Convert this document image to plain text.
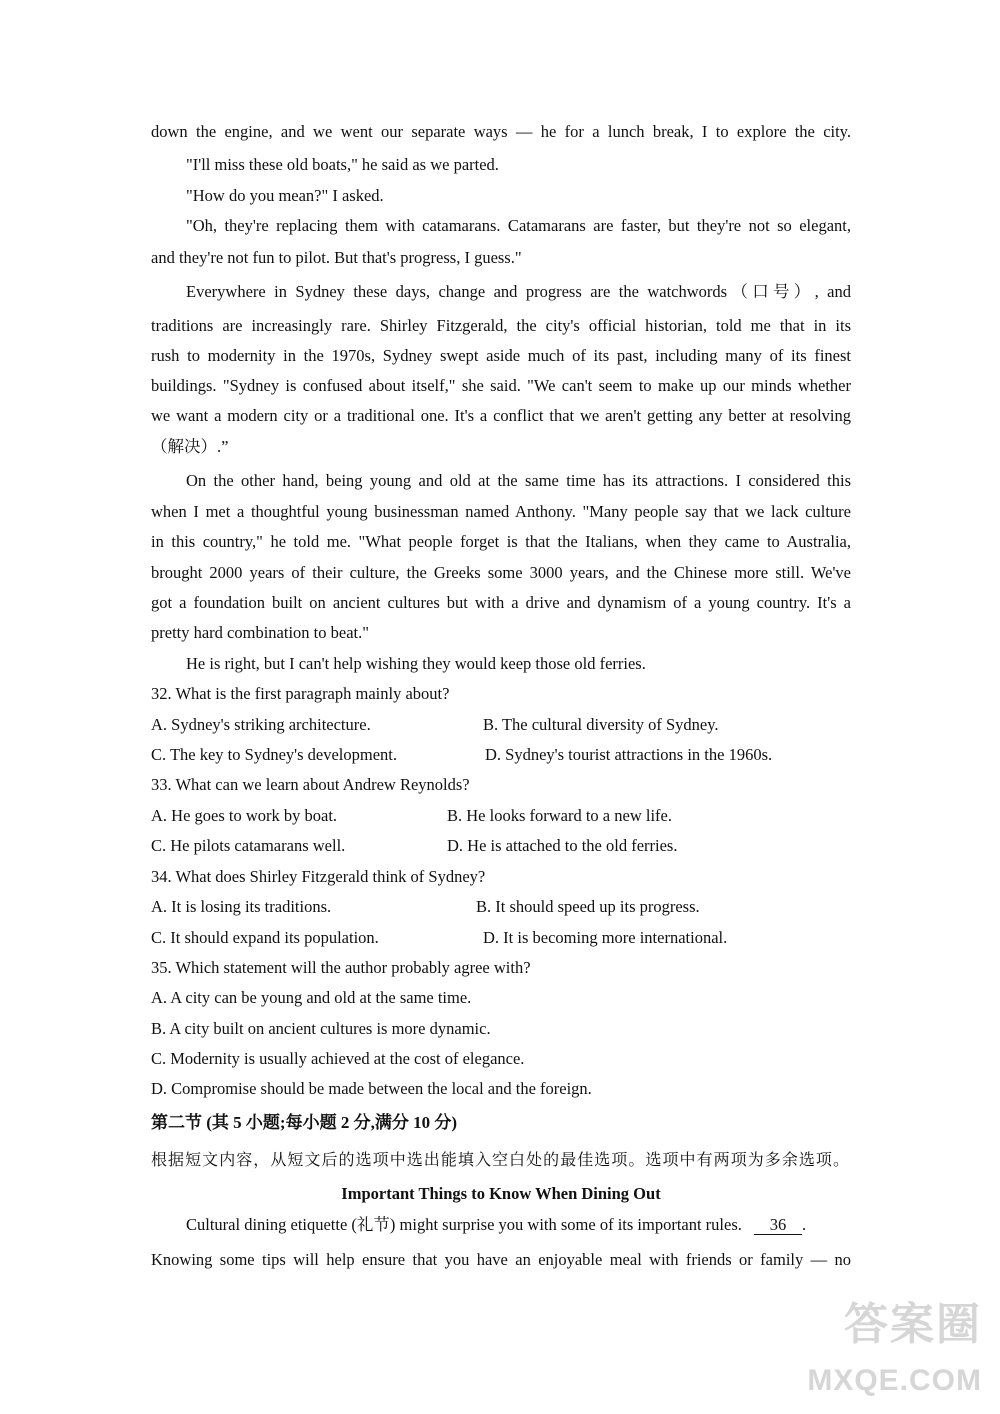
down the engine, and we went our separate ways — he for a lunch break, I to explore the city.
"I'll miss these old boats," he said as we parted.
"How do you mean?" I asked.
"Oh, they're replacing them with catamarans. Catamarans are faster, but they're not so elegant,
and they're not fun to pilot. But that's progress, I guess."
Everywhere in Sydney these days, change and progress are the watchwords（口号）, and
traditions are increasingly rare. Shirley Fitzgerald, the city's official historian, told me that in its
rush to modernity in the 1970s, Sydney swept aside much of its past, including many of its finest
buildings. "Sydney is confused about itself," she said. "We can't seem to make up our minds whether
we want a modern city or a traditional one. It's a conflict that we aren't getting any better at resolving
（解决）.”
On the other hand, being young and old at the same time has its attractions. I considered this
when I met a thoughtful young businessman named Anthony. "Many people say that we lack culture
in this country," he told me. "What people forget is that the Italians, when they came to Australia,
brought 2000 years of their culture, the Greeks some 3000 years, and the Chinese more still. We've
got a foundation built on ancient cultures but with a drive and dynamism of a young country. It's a
pretty hard combination to beat."
He is right, but I can't help wishing they would keep those old ferries.
32. What is the first paragraph mainly about?
A. Sydney's striking architecture.	B. The cultural diversity of Sydney.
C. The key to Sydney's development.	D. Sydney's tourist attractions in the 1960s.
33. What can we learn about Andrew Reynolds?
A. He goes to work by boat.	B. He looks forward to a new life.
C. He pilots catamarans well.	D. He is attached to the old ferries.
34. What does Shirley Fitzgerald think of Sydney?
A. It is losing its traditions.	B. It should speed up its progress.
C. It should expand its population.	D. It is becoming more international.
35. Which statement will the author probably agree with?
A. A city can be young and old at the same time.
B. A city built on ancient cultures is more dynamic.
C. Modernity is usually achieved at the cost of elegance.
D. Compromise should be made between the local and the foreign.
第二节 (其 5 小题;每小题 2 分,满分 10 分)
根据短文内容，从短文后的选项中选出能填入空白处的最佳选项。选项中有两项为多余选项。
Important Things to Know When Dining Out
Cultural dining etiquette (礼节) might surprise you with some of its important rules. 36 .
Knowing some tips will help ensure that you have an enjoyable meal with friends or family — no
答案圈
MXQE.COM
